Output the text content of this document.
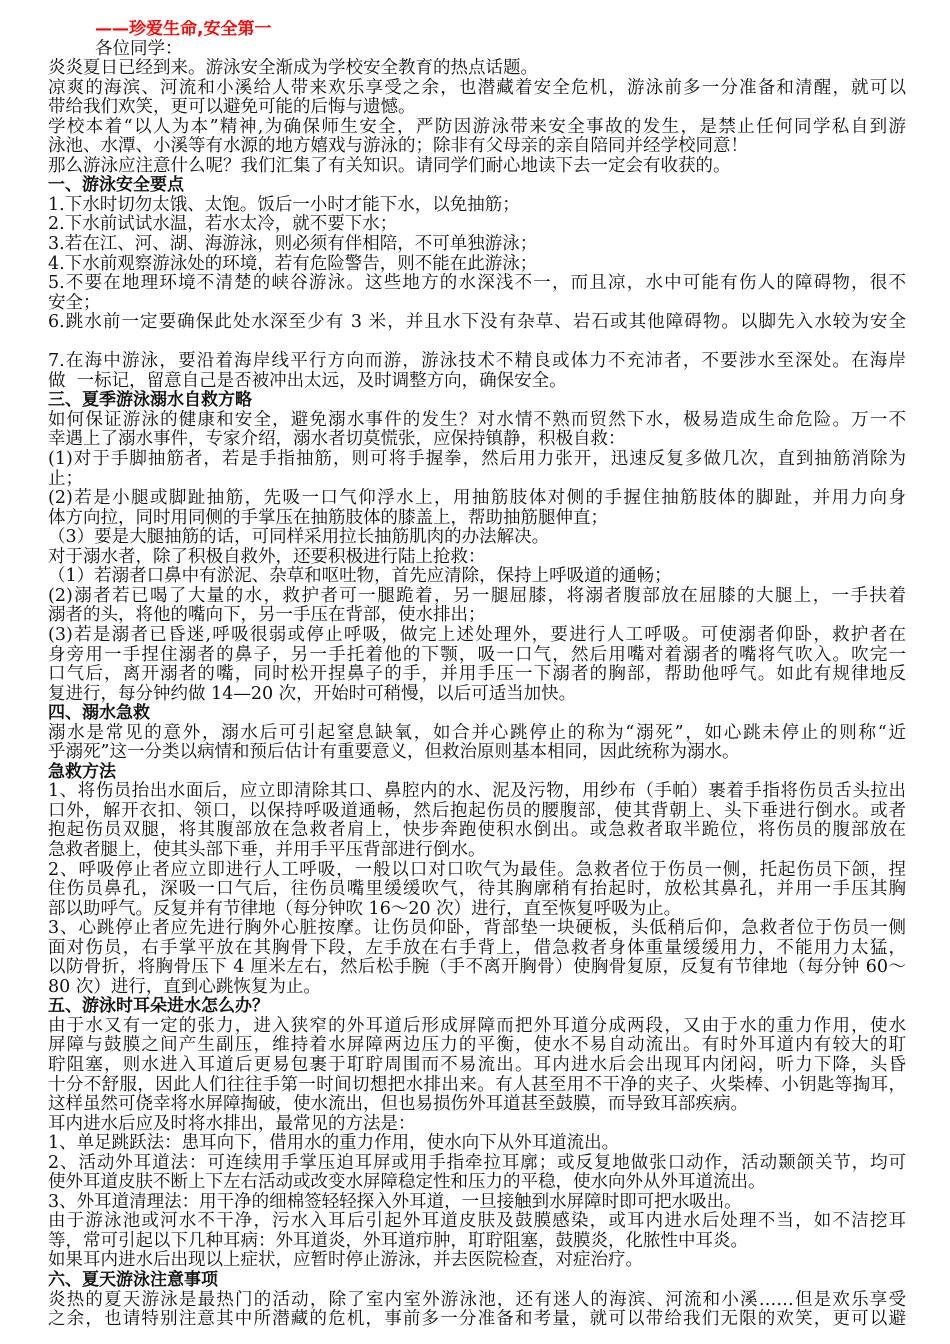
——珍爱生命,安全第一
各位同学：
炎炎夏日已经到来。游泳安全渐成为学校安全教育的热点话题。
凉爽的海滨、河流和小溪给人带来欢乐享受之余，也潜藏着安全危机，游泳前多一分准备和清醒，就可以
带给我们欢笑，更可以避免可能的后悔与遗憾。
学校本着“以人为本”精神,为确保师生安全，严防因游泳带来安全事故的发生，是禁止任何同学私自到游
泳池、水潭、小溪等有水源的地方嬉戏与游泳的；除非有父母亲的亲自陪同并经学校同意！
那么游泳应注意什么呢？我们汇集了有关知识。请同学们耐心地读下去一定会有收获的。
一、游泳安全要点
1.下水时切勿太饿、太饱。饭后一小时才能下水，以免抽筋；
2.下水前试试水温，若水太冷，就不要下水；
3.若在江、河、湖、海游泳，则必须有伴相陪，不可单独游泳；
4.下水前观察游泳处的环境，若有危险警告，则不能在此游泳；
5.不要在地理环境不清楚的峡谷游泳。这些地方的水深浅不一，而且凉，水中可能有伤人的障碍物，很不
安全；
6.跳水前一定要确保此处水深至少有 3 米，并且水下没有杂草、岩石或其他障碍物。以脚先入水较为安全
7.在海中游泳，要沿着海岸线平行方向而游，游泳技术不精良或体力不充沛者，不要涉水至深处。在海岸
做  一标记，留意自己是否被冲出太远，及时调整方向，确保安全。
三、夏季游泳溺水自救方略
如何保证游泳的健康和安全，避免溺水事件的发生？对水情不熟而贸然下水，极易造成生命危险。万一不
幸遇上了溺水事件，专家介绍，溺水者切莫慌张，应保持镇静，积极自救：
(1)对于手脚抽筋者，若是手指抽筋，则可将手握拳，然后用力张开，迅速反复多做几次，直到抽筋消除为
止；
(2)若是小腿或脚趾抽筋，先吸一口气仰浮水上，用抽筋肢体对侧的手握住抽筋肢体的脚趾，并用力向身
体方向拉，同时用同侧的手掌压在抽筋肢体的膝盖上，帮助抽筋腿伸直；
（3）要是大腿抽筋的话，可同样采用拉长抽筋肌肉的办法解决。
对于溺水者，除了积极自救外，还要积极进行陆上抢救：
（1）若溺者口鼻中有淤泥、杂草和呕吐物，首先应清除，保持上呼吸道的通畅；
(2)溺者若已喝了大量的水，救护者可一腿跪着，另一腿屈膝，将溺者腹部放在屈膝的大腿上，一手扶着
溺者的头，将他的嘴向下，另一手压在背部，使水排出；
(3)若是溺者已昏迷,呼吸很弱或停止呼吸，做完上述处理外，要进行人工呼吸。可使溺者仰卧，救护者在
身旁用一手捏住溺者的鼻子，另一手托着他的下颚，吸一口气，然后用嘴对着溺者的嘴将气吹入。吹完一
口气后，离开溺者的嘴，同时松开捏鼻子的手，并用手压一下溺者的胸部，帮助他呼气。如此有规律地反
复进行，每分钟约做 14—20 次，开始时可稍慢，以后可适当加快。
四、溺水急救
溺水是常见的意外，溺水后可引起窒息缺氧，如合并心跳停止的称为“溺死”，如心跳未停止的则称“近
乎溺死”这一分类以病情和预后估计有重要意义，但救治原则基本相同，因此统称为溺水。
急救方法
1、将伤员抬出水面后，应立即清除其口、鼻腔内的水、泥及污物，用纱布（手帕）裹着手指将伤员舌头拉出
口外，解开衣扣、领口，以保持呼吸道通畅，然后抱起伤员的腰腹部，使其背朝上、头下垂进行倒水。或者
抱起伤员双腿，将其腹部放在急救者肩上，快步奔跑使积水倒出。或急救者取半跪位，将伤员的腹部放在
急救者腿上，使其头部下垂，并用手平压背部进行倒水。
2、呼吸停止者应立即进行人工呼吸，一般以口对口吹气为最佳。急救者位于伤员一侧，托起伤员下颌，捏
住伤员鼻孔，深吸一口气后，往伤员嘴里缓缓吹气，待其胸廓稍有抬起时，放松其鼻孔，并用一手压其胸
部以助呼气。反复并有节律地（每分钟吹 16～20 次）进行，直至恢复呼吸为止。
3、心跳停止者应先进行胸外心脏按摩。让伤员仰卧，背部垫一块硬板，头低稍后仰，急救者位于伤员一侧
面对伤员，右手掌平放在其胸骨下段，左手放在右手背上，借急救者身体重量缓缓用力，不能用力太猛，
以防骨折，将胸骨压下 4 厘米左右，然后松手腕（手不离开胸骨）使胸骨复原，反复有节律地（每分钟 60～
80 次）进行，直到心跳恢复为止。
五、游泳时耳朵进水怎么办？
由于水又有一定的张力，进入狭窄的外耳道后形成屏障而把外耳道分成两段，又由于水的重力作用，使水
屏障与鼓膜之间产生副压，维持着水屏障两边压力的平衡，使水不易自动流出。有时外耳道内有较大的耵
聍阻塞，则水进入耳道后更易包裹于耵聍周围而不易流出。耳内进水后会出现耳内闭闷，听力下降，头昏
十分不舒服，因此人们往往手第一时间切想把水排出来。有人甚至用不干净的夹子、火柴棒、小钥匙等掏耳，
这样虽然可侥幸将水屏障掏破，使水流出，但也易损伤外耳道甚至鼓膜，而导致耳部疾病。
耳内进水后应及时将水排出，最常见的方法是：
1、单足跳跃法：患耳向下，借用水的重力作用，使水向下从外耳道流出。
2、活动外耳道法：可连续用手掌压迫耳屏或用手指牵拉耳廓；或反复地做张口动作，活动颞颌关节，均可
使外耳道皮肤不断上下左右活动或改变水屏障稳定性和压力的平稳，使水向外从外耳道流出。
3、外耳道清理法：用干净的细棉签轻轻探入外耳道，一旦接触到水屏障时即可把水吸出。
由于游泳池或河水不干净，污水入耳后引起外耳道皮肤及鼓膜感染，或耳内进水后处理不当，如不洁挖耳
等，常可引起以下几种耳病：外耳道炎，外耳道疖肿，耵聍阻塞，鼓膜炎，化脓性中耳炎。
如果耳内进水后出现以上症状，应暂时停止游泳，并去医院检查，对症治疗。
六、夏天游泳注意事项
炎热的夏天游泳是最热门的活动，除了室内室外游泳池，还有迷人的海滨、河流和小溪……但是欢乐享受
之余，也请特别注意其中所潜藏的危机，事前多一分准备和考量，就可以带给我们无限的欢笑，更可以避
